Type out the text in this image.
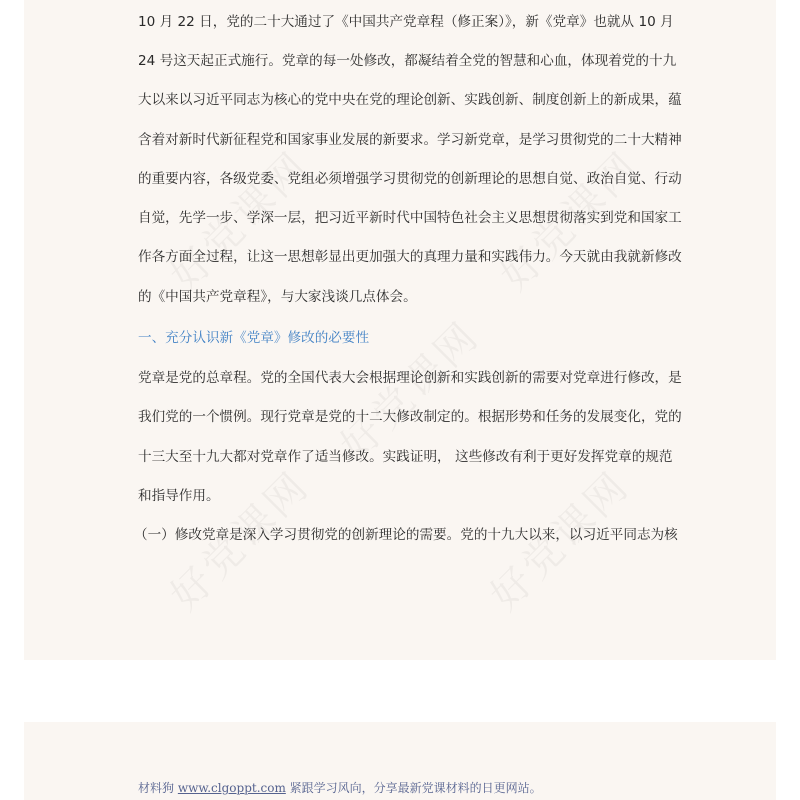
10 月 22 日，党的二十大通过了《中国共产党章程（修正案）》，新《党章》也就从 10 月
24 号这天起正式施行。党章的每一处修改，都凝结着全党的智慧和心血，体现着党的十九
大以来以习近平同志为核心的党中央在党的理论创新、实践创新、制度创新上的新成果，蕴
含着对新时代新征程党和国家事业发展的新要求。学习新党章，是学习贯彻党的二十大精神
的重要内容，各级党委、党组必须增强学习贯彻党的创新理论的思想自觉、政治自觉、行动
自觉，先学一步、学深一层，把习近平新时代中国特色社会主义思想贯彻落实到党和国家工
作各方面全过程，让这一思想彰显出更加强大的真理力量和实践伟力。今天就由我就新修改
的《中国共产党章程》，与大家浅谈几点体会。
一、充分认识新《党章》修改的必要性
党章是党的总章程。党的全国代表大会根据理论创新和实践创新的需要对党章进行修改，是
我们党的一个惯例。现行党章是党的十二大修改制定的。根据形势和任务的发展变化，党的
十三大至十九大都对党章作了适当修改。实践证明， 这些修改有利于更好发挥党章的规范
和指导作用。
（一）修改党章是深入学习贯彻党的创新理论的需要。党的十九大以来，以习近平同志为核
材料狗 www.clgoppt.com 紧跟学习风向，分享最新党课材料的日更网站。
